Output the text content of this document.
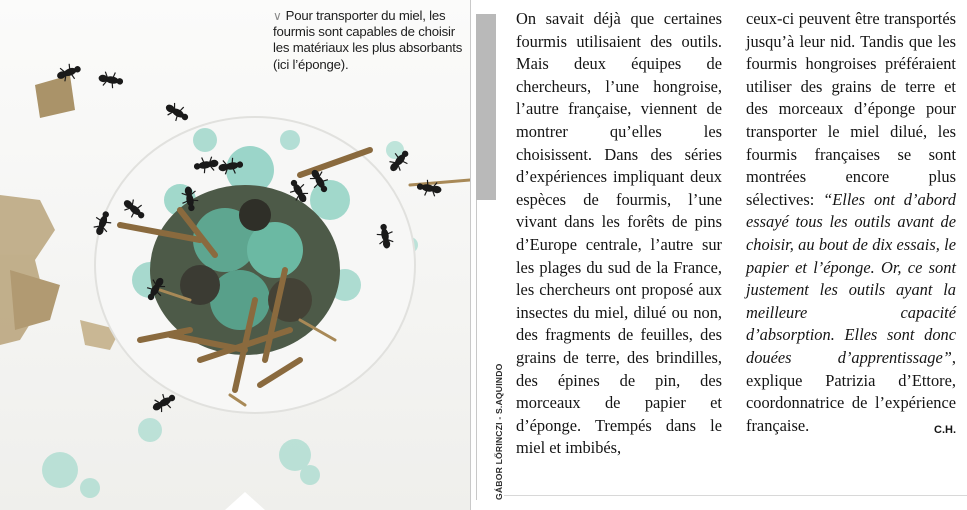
∨ Pour transporter du miel, les fourmis sont capables de choisir les matériaux les plus absorbants (ici l’éponge).
GÁBOR LŐRINCZI - S.AQUINDO

On savait déjà que certaines fourmis utilisaient des outils. Mais deux équipes de chercheurs, l’une hongroise, l’autre française, viennent de montrer qu’elles les choisissent. Dans des séries d’expériences impliquant deux espèces de fourmis, l’une vivant dans les forêts de pins d’Europe centrale, l’autre sur les plages du sud de la France, les chercheurs ont proposé aux insectes du miel, dilué ou non, des fragments de feuilles, des grains de terre, des brindilles, des épines de pin, des morceaux de papier et d’éponge. Trempés dans le miel et imbibés,

ceux-ci peuvent être transportés jusqu’à leur nid. Tandis que les fourmis hongroises préféraient utiliser des grains de terre et des morceaux d’éponge pour transporter le miel dilué, les fourmis françaises se sont montrées encore plus sélectives: “Elles ont d’abord essayé tous les outils avant de choisir, au bout de dix essais, le papier et l’éponge. Or, ce sont justement les outils ayant la meilleure capacité d’absorption. Elles sont donc douées d’apprentissage”, explique Patrizia d’Ettore, coordonnatrice de l’expérience française.	C.H.
